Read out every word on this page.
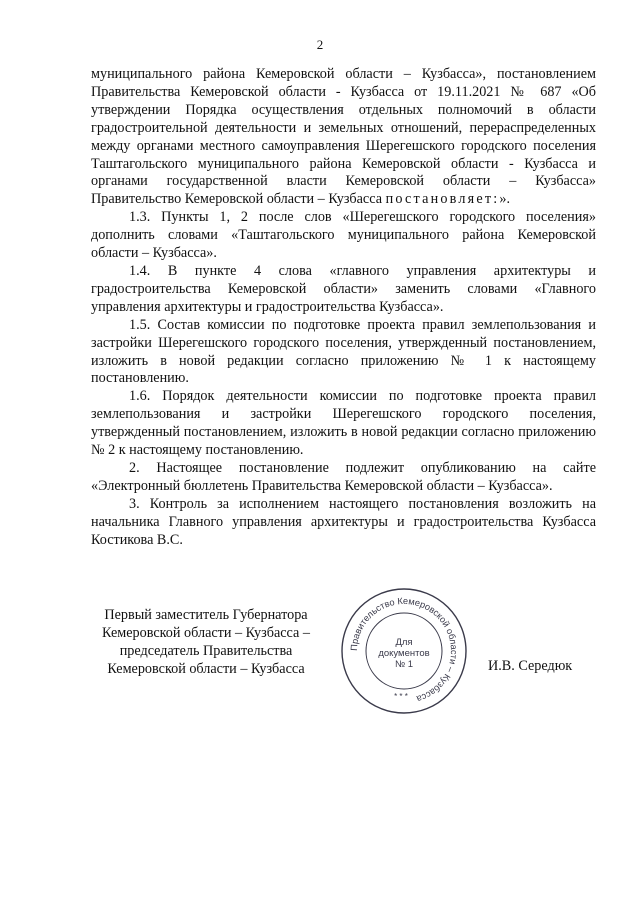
2

муниципального района Кемеровской области – Кузбасса», постановлением Правительства Кемеровской области - Кузбасса от 19.11.2021 № 687 «Об утверждении Порядка осуществления отдельных полномочий в области градостроительной деятельности и земельных отношений, перераспределенных между органами местного самоуправления Шерегешского городского поселения Таштагольского муниципального района Кемеровской области - Кузбасса и органами государственной власти Кемеровской области – Кузбасса» Правительство Кемеровской области – Кузбасса постановляет:».

1.3. Пункты 1, 2 после слов «Шерегешского городского поселения» дополнить словами «Таштагольского муниципального района Кемеровской области – Кузбасса».

1.4. В пункте 4 слова «главного управления архитектуры и градостроительства Кемеровской области» заменить словами «Главного управления архитектуры и градостроительства Кузбасса».

1.5. Состав комиссии по подготовке проекта правил землепользования и застройки Шерегешского городского поселения, утвержденный постановлением, изложить в новой редакции согласно приложению № 1 к настоящему постановлению.

1.6. Порядок деятельности комиссии по подготовке проекта правил землепользования и застройки Шерегешского городского поселения, утвержденный постановлением, изложить в новой редакции согласно приложению № 2 к настоящему постановлению.

2. Настоящее постановление подлежит опубликованию на сайте «Электронный бюллетень Правительства Кемеровской области – Кузбасса».

3. Контроль за исполнением настоящего постановления возложить на начальника Главного управления архитектуры и градостроительства Кузбасса Костикова В.С.

Первый заместитель Губернатора
Кемеровской области – Кузбасса –
председатель Правительства
Кемеровской области – Кузбасса
Правительство Кемеровской области – Кузбасса
Для
документов
№ 1
* * *
И.В. Середюк
